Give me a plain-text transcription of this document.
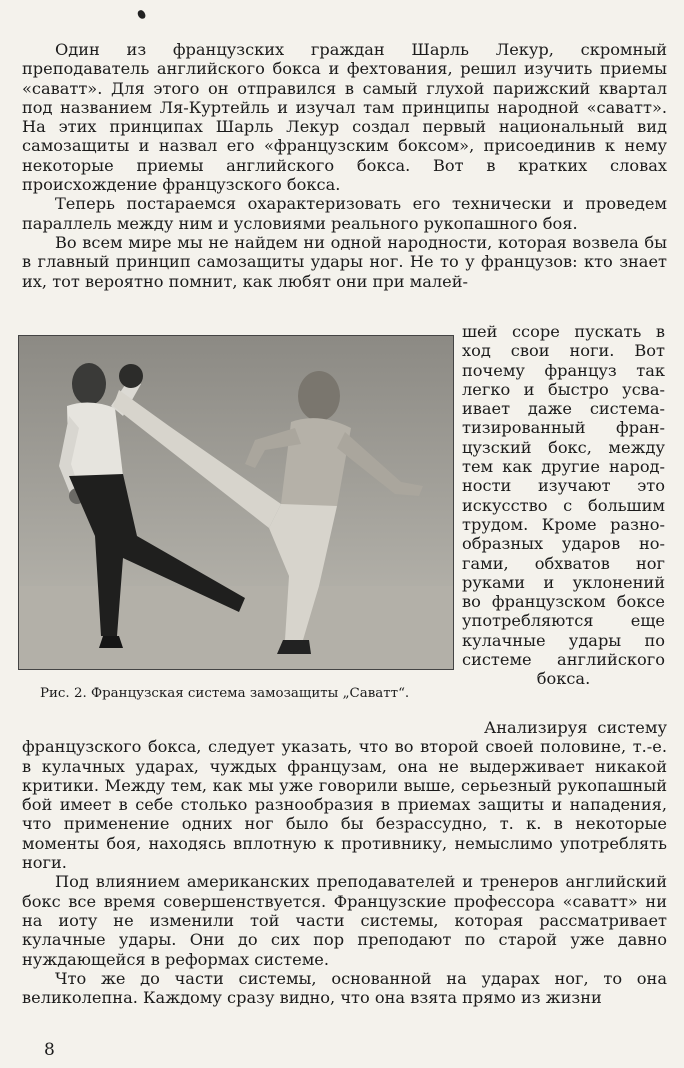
Один из французских граждан Шарль Лекур, скромный преподаватель английского бокса и фехтования, решил изучить приемы «саватт». Для этого он отправился в самый глухой парижский квартал под названием Ля-Куртейль и изучал там принципы народной «саватт». На этих принципах Шарль Лекур создал первый национальный вид самозащиты и назвал его «французским боксом», присоединив к нему некоторые приемы английского бокса. Вот в кратких словах происхождение французского бокса.

Теперь постараемся охарактеризовать его технически и проведем параллель между ним и условиями реального рукопашного боя.

Во всем мире мы не найдем ни одной народности, которая возвела бы в главный принцип самозащиты удары ног. Не то у французов: кто знает их, тот вероятно помнит, как любят они при малей-

Рис. 2. Французская система замозащиты „Саватт“.
шей ссоре пускать в
ход свои ноги. Вот
почему француз так
легко и быстро усва-
ивает даже системa-
тизированный фран-
цузский бокс, между
тем как другие народ-
ности изучают это
искусство с большим
трудом. Кроме разно-
образных ударов но-
гами, обхватов ног
руками и уклонений
во французском боксе
употребляются еще
кулачные удары по
системе английского
бокса.

Анализируя систему французского бокса, следует указать, что во второй своей половине, т.-е. в кулачных ударах, чуждых французам, она не выдерживает никакой критики. Между тем, как мы уже говорили выше, серьезный рукопашный бой имеет в себе столько разнообразия в приемах защиты и нападения, что применение одних ног было бы безрассудно, т. к. в некоторые моменты боя, находясь вплотную к противнику, немыслимо употреблять ноги.

Под влиянием американских преподавателей и тренеров английский бокс все время совершенствуется. Французские профессора «саватт» ни на иоту не изменили той части системы, которая рассматривает кулачные удары. Они до сих пор преподают по старой уже давно нуждающейся в реформах системе.

Что же до части системы, основанной на ударах ног, то она великолепна. Каждому сразу видно, что она взята прямо из жизни

8
